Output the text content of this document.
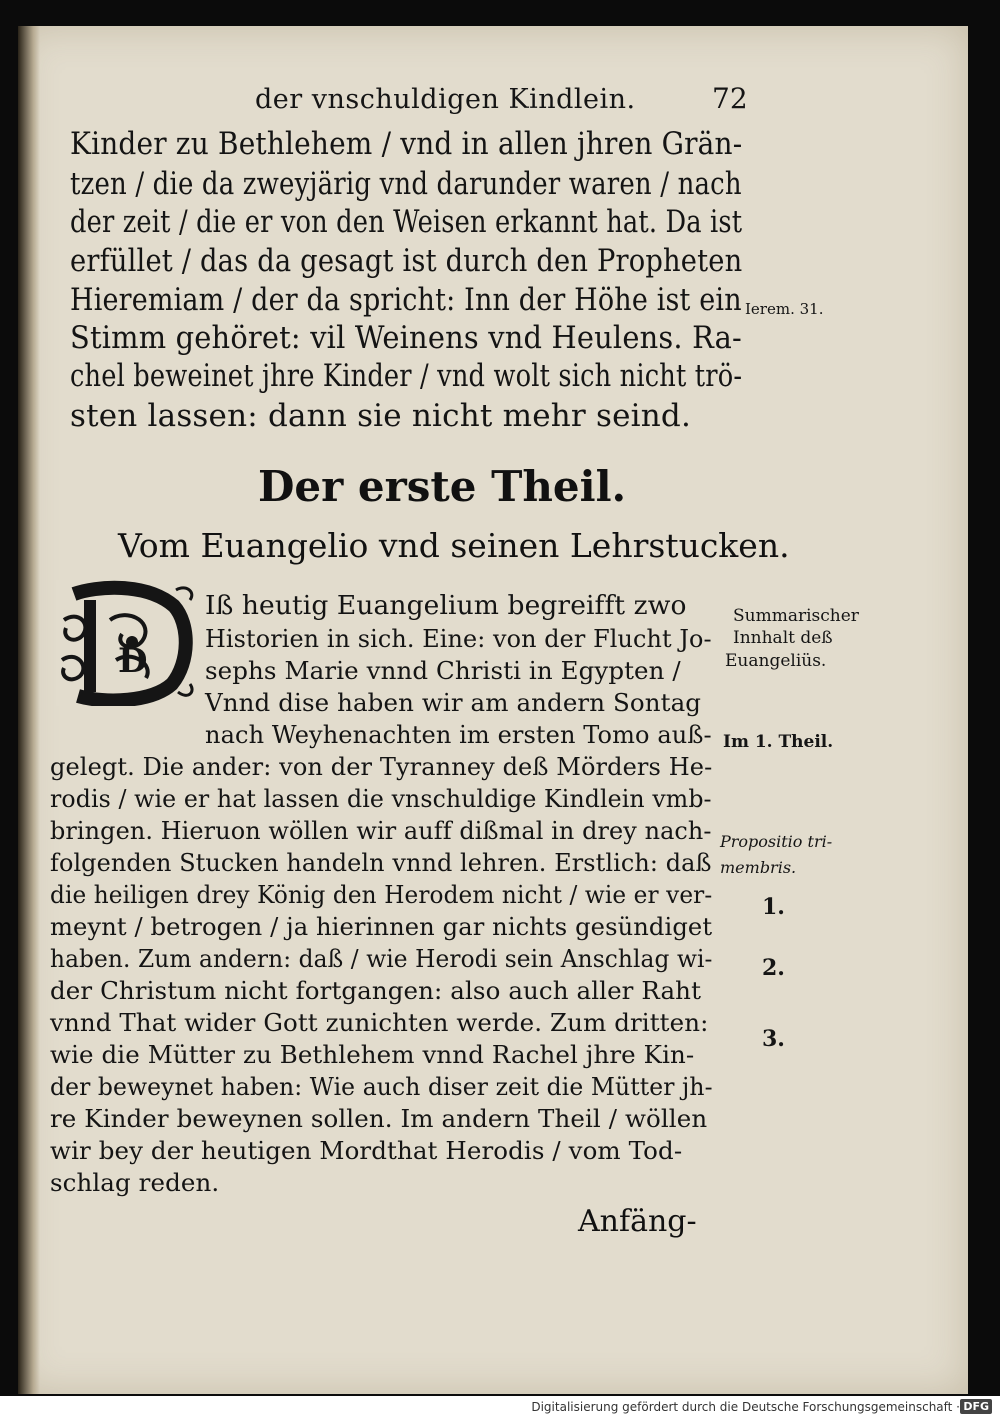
der vnschuldigen Kindlein.	72
Kinder zu Bethlehem / vnd in allen jhren Grän-
tzen / die da zweyjärig vnd darunder waren / nach
der zeit / die er von den Weisen erkannt hat. Da ist
erfüllet / das da gesagt ist durch den Propheten
Hieremiam / der da spricht: Inn der Höhe ist ein
Stimm gehöret: vil Weinens vnd Heulens. Ra-
chel beweinet jhre Kinder / vnd wolt sich nicht trö-
sten lassen: dann sie nicht mehr seind.
Ierem. 31.
Der erste Theil.
Vom Euangelio vnd seinen Lehrstucken.
D
Iß heutig Euangelium begreifft zwo
Historien in sich. Eine: von der Flucht Jo-
sephs Marie vnnd Christi in Egypten /
Vnnd dise haben wir am andern Sontag
nach Weyhenachten im ersten Tomo auß-
gelegt. Die ander: von der Tyranney deß Mörders He-
rodis / wie er hat lassen die vnschuldige Kindlein vmb-
bringen. Hieruon wöllen wir auff dißmal in drey nach-
folgenden Stucken handeln vnnd lehren. Erstlich: daß
die heiligen drey König den Herodem nicht / wie er ver-
meynt / betrogen / ja hierinnen gar nichts gesündiget
haben. Zum andern: daß / wie Herodi sein Anschlag wi-
der Christum nicht fortgangen: also auch aller Raht
vnnd That wider Gott zunichten werde. Zum dritten:
wie die Mütter zu Bethlehem vnnd Rachel jhre Kin-
der beweynet haben: Wie auch diser zeit die Mütter jh-
re Kinder beweynen sollen. Im andern Theil / wöllen
wir bey der heutigen Mordthat Herodis / vom Tod-
schlag reden.
Summarischer
Innhalt deß
Euangeliüs.
Im 1. Theil.
Propositio tri-
membris.
1.
2.
3.
Anfäng-
Digitalisierung gefördert durch die Deutsche Forschungsgemeinschaft · DFG
